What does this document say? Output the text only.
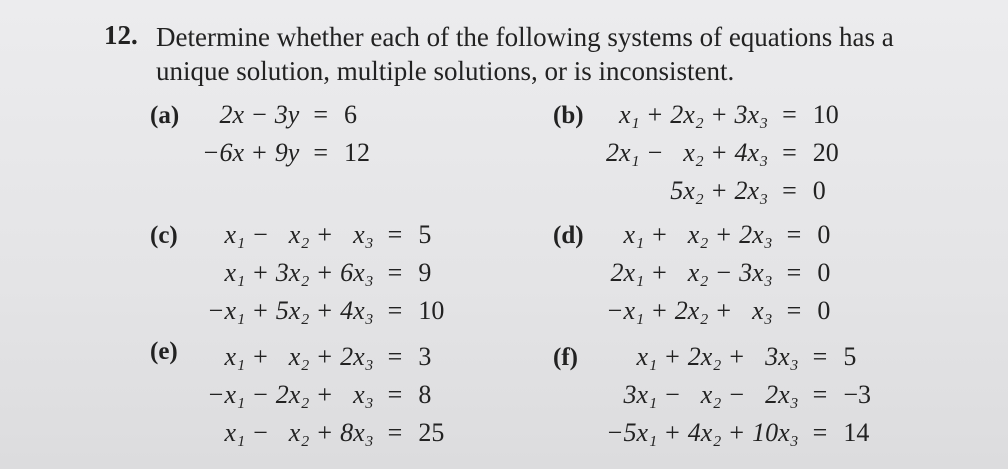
12. Determine whether each of the following systems of equations has a unique solution, multiple solutions, or is inconsistent.
(a) 2x	−	3y	=	6
−6x	+	9y	=	12
(b) x₁	+	2x₂	+	3x₃	=	10
2x₁	−	x₂	+	4x₃	=	20
		5x₂	+	2x₃	=	0
(c) x₁	−	x₂	+	x₃	=	5
x₁	+	3x₂	+	6x₃	=	9
−x₁	+	5x₂	+	4x₃	=	10
(d) x₁	+	x₂	+	2x₃	=	0
2x₁	+	x₂	−	3x₃	=	0
−x₁	+	2x₂	+	x₃	=	0
(e) x₁	+	x₂	+	2x₃	=	3
−x₁	−	2x₂	+	x₃	=	8
x₁	−	x₂	+	8x₃	=	25
(f) x₁	+	2x₂	+	3x₃	=	5
3x₁	−	x₂	−	2x₃	=	−3
−5x₁	+	4x₂	+	10x₃	=	14
